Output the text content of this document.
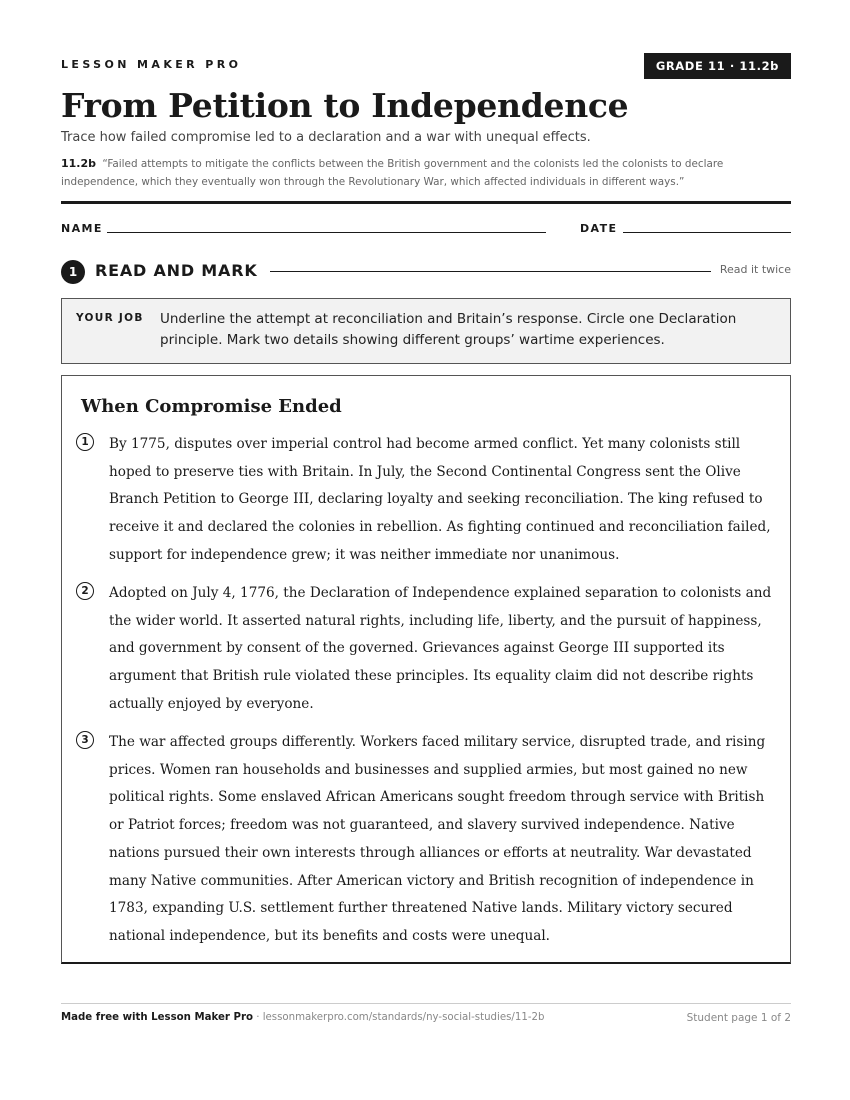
LESSON MAKER PRO	GRADE 11 · 11.2b
From Petition to Independence
Trace how failed compromise led to a declaration and a war with unequal effects.
11.2b “Failed attempts to mitigate the conflicts between the British government and the colonists led the colonists to declare independence, which they eventually won through the Revolutionary War, which affected individuals in different ways.”
NAME	DATE
1	READ AND MARK	Read it twice
YOUR JOB Underline the attempt at reconciliation and Britain’s response. Circle one Declaration principle. Mark two details showing different groups’ wartime experiences.
When Compromise Ended
1	By 1775, disputes over imperial control had become armed conflict. Yet many colonists still hoped to preserve ties with Britain. In July, the Second Continental Congress sent the Olive Branch Petition to George III, declaring loyalty and seeking reconciliation. The king refused to receive it and declared the colonies in rebellion. As fighting continued and reconciliation failed, support for independence grew; it was neither immediate nor unanimous.
2	Adopted on July 4, 1776, the Declaration of Independence explained separation to colonists and the wider world. It asserted natural rights, including life, liberty, and the pursuit of happiness, and government by consent of the governed. Grievances against George III supported its argument that British rule violated these principles. Its equality claim did not describe rights actually enjoyed by everyone.
3	The war affected groups differently. Workers faced military service, disrupted trade, and rising prices. Women ran households and businesses and supplied armies, but most gained no new political rights. Some enslaved African Americans sought freedom through service with British or Patriot forces; freedom was not guaranteed, and slavery survived independence. Native nations pursued their own interests through alliances or efforts at neutrality. War devastated many Native communities. After American victory and British recognition of independence in 1783, expanding U.S. settlement further threatened Native lands. Military victory secured national independence, but its benefits and costs were unequal.
Made free with Lesson Maker Pro · lessonmakerpro.com/standards/ny-social-studies/11-2b	Student page 1 of 2
